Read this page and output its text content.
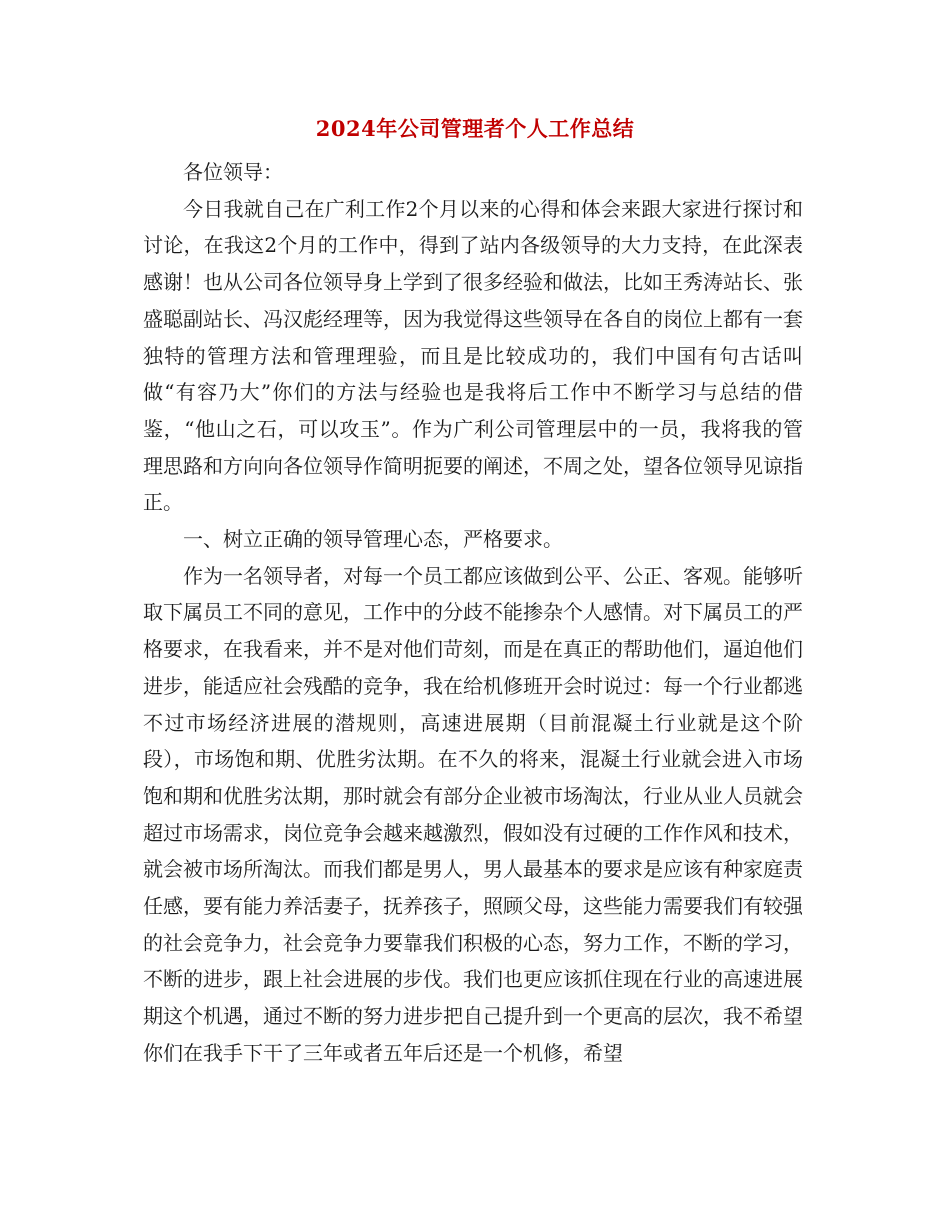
2024年公司管理者个人工作总结

各位领导：

今日我就自己在广利工作2个月以来的心得和体会来跟大家进行探讨和讨论，在我这2个月的工作中，得到了站内各级领导的大力支持，在此深表感谢！也从公司各位领导身上学到了很多经验和做法，比如王秀涛站长、张盛聪副站长、冯汉彪经理等，因为我觉得这些领导在各自的岗位上都有一套独特的管理方法和管理理验，而且是比较成功的，我们中国有句古话叫做“有容乃大”你们的方法与经验也是我将后工作中不断学习与总结的借鉴，“他山之石，可以攻玉”。作为广利公司管理层中的一员，我将我的管理思路和方向向各位领导作简明扼要的阐述，不周之处，望各位领导见谅指正。

一、树立正确的领导管理心态，严格要求。

作为一名领导者，对每一个员工都应该做到公平、公正、客观。能够听取下属员工不同的意见，工作中的分歧不能掺杂个人感情。对下属员工的严格要求，在我看来，并不是对他们苛刻，而是在真正的帮助他们，逼迫他们进步，能适应社会残酷的竞争，我在给机修班开会时说过：每一个行业都逃不过市场经济进展的潜规则，高速进展期（目前混凝土行业就是这个阶段），市场饱和期、优胜劣汰期。在不久的将来，混凝土行业就会进入市场饱和期和优胜劣汰期，那时就会有部分企业被市场淘汰，行业从业人员就会超过市场需求，岗位竞争会越来越激烈，假如没有过硬的工作作风和技术，就会被市场所淘汰。而我们都是男人，男人最基本的要求是应该有种家庭责任感，要有能力养活妻子，抚养孩子，照顾父母，这些能力需要我们有较强的社会竞争力，社会竞争力要靠我们积极的心态，努力工作，不断的学习，不断的进步，跟上社会进展的步伐。我们也更应该抓住现在行业的高速进展期这个机遇，通过不断的努力进步把自己提升到一个更高的层次，我不希望你们在我手下干了三年或者五年后还是一个机修，希望
